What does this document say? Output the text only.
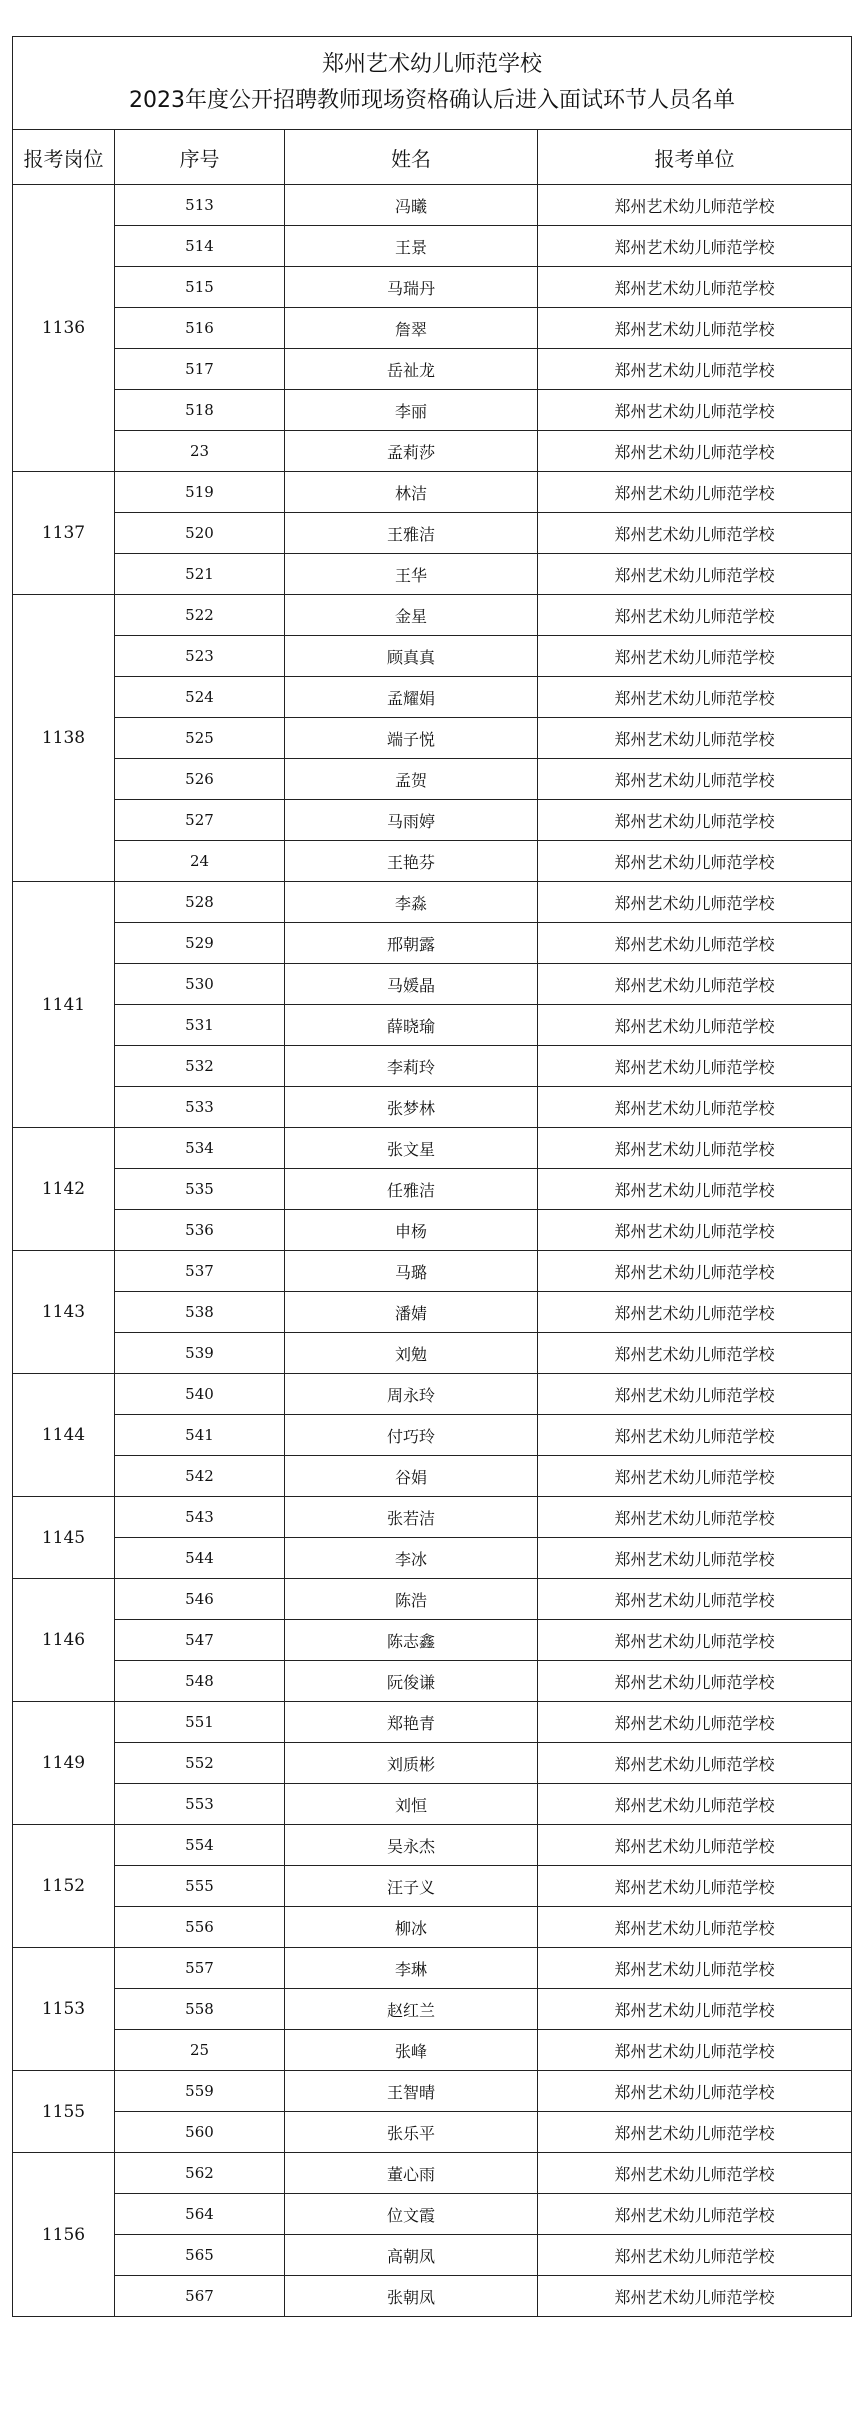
郑州艺术幼儿师范学校
2023年度公开招聘教师现场资格确认后进入面试环节人员名单			

报考岗位	序号	姓名	报考单位
1136	513	冯曦	郑州艺术幼儿师范学校
	514	王景	郑州艺术幼儿师范学校
	515	马瑞丹	郑州艺术幼儿师范学校
	516	詹翠	郑州艺术幼儿师范学校
	517	岳祉龙	郑州艺术幼儿师范学校
	518	李丽	郑州艺术幼儿师范学校
	23	孟莉莎	郑州艺术幼儿师范学校
1137	519	林洁	郑州艺术幼儿师范学校
	520	王雅洁	郑州艺术幼儿师范学校
	521	王华	郑州艺术幼儿师范学校
1138	522	金星	郑州艺术幼儿师范学校
	523	顾真真	郑州艺术幼儿师范学校
	524	孟耀娟	郑州艺术幼儿师范学校
	525	端子悦	郑州艺术幼儿师范学校
	526	孟贺	郑州艺术幼儿师范学校
	527	马雨婷	郑州艺术幼儿师范学校
	24	王艳芬	郑州艺术幼儿师范学校
1141	528	李淼	郑州艺术幼儿师范学校
	529	邢朝露	郑州艺术幼儿师范学校
	530	马媛晶	郑州艺术幼儿师范学校
	531	薛晓瑜	郑州艺术幼儿师范学校
	532	李莉玲	郑州艺术幼儿师范学校
	533	张梦林	郑州艺术幼儿师范学校
1142	534	张文星	郑州艺术幼儿师范学校
	535	任雅洁	郑州艺术幼儿师范学校
	536	申杨	郑州艺术幼儿师范学校
1143	537	马璐	郑州艺术幼儿师范学校
	538	潘婧	郑州艺术幼儿师范学校
	539	刘勉	郑州艺术幼儿师范学校
1144	540	周永玲	郑州艺术幼儿师范学校
	541	付巧玲	郑州艺术幼儿师范学校
	542	谷娟	郑州艺术幼儿师范学校
1145	543	张若洁	郑州艺术幼儿师范学校
	544	李冰	郑州艺术幼儿师范学校
1146	546	陈浩	郑州艺术幼儿师范学校
	547	陈志鑫	郑州艺术幼儿师范学校
	548	阮俊谦	郑州艺术幼儿师范学校
1149	551	郑艳青	郑州艺术幼儿师范学校
	552	刘质彬	郑州艺术幼儿师范学校
	553	刘恒	郑州艺术幼儿师范学校
1152	554	吴永杰	郑州艺术幼儿师范学校
	555	汪子义	郑州艺术幼儿师范学校
	556	柳冰	郑州艺术幼儿师范学校
1153	557	李琳	郑州艺术幼儿师范学校
	558	赵红兰	郑州艺术幼儿师范学校
	25	张峰	郑州艺术幼儿师范学校
1155	559	王智晴	郑州艺术幼儿师范学校
	560	张乐平	郑州艺术幼儿师范学校
1156	562	董心雨	郑州艺术幼儿师范学校
	564	位文霞	郑州艺术幼儿师范学校
	565	高朝凤	郑州艺术幼儿师范学校
	567	张朝凤	郑州艺术幼儿师范学校
